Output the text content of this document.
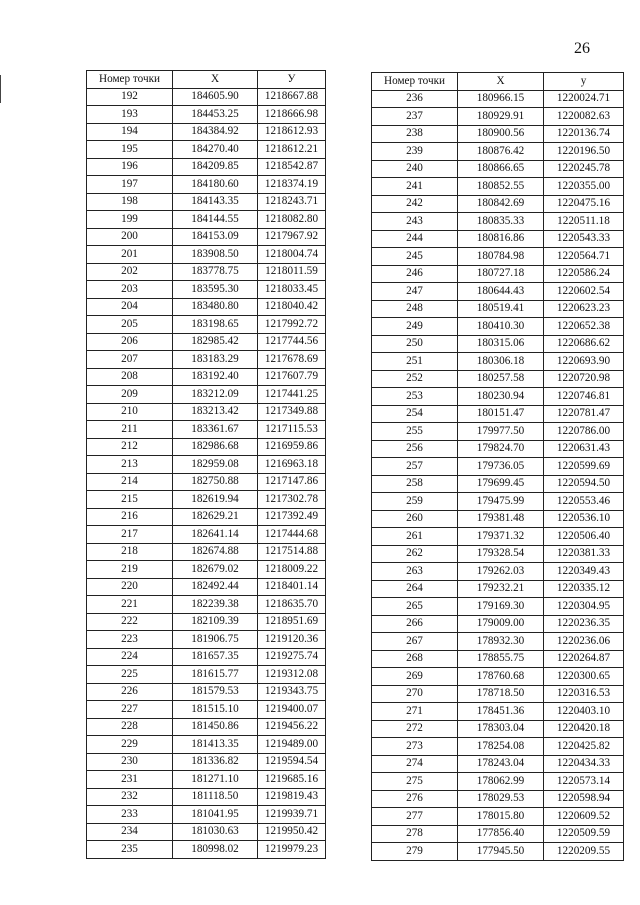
26
Номер точки	X	У
192	184605.90	1218667.88
193	184453.25	1218666.98
194	184384.92	1218612.93
195	184270.40	1218612.21
196	184209.85	1218542.87
197	184180.60	1218374.19
198	184143.35	1218243.71
199	184144.55	1218082.80
200	184153.09	1217967.92
201	183908.50	1218004.74
202	183778.75	1218011.59
203	183595.30	1218033.45
204	183480.80	1218040.42
205	183198.65	1217992.72
206	182985.42	1217744.56
207	183183.29	1217678.69
208	183192.40	1217607.79
209	183212.09	1217441.25
210	183213.42	1217349.88
211	183361.67	1217115.53
212	182986.68	1216959.86
213	182959.08	1216963.18
214	182750.88	1217147.86
215	182619.94	1217302.78
216	182629.21	1217392.49
217	182641.14	1217444.68
218	182674.88	1217514.88
219	182679.02	1218009.22
220	182492.44	1218401.14
221	182239.38	1218635.70
222	182109.39	1218951.69
223	181906.75	1219120.36
224	181657.35	1219275.74
225	181615.77	1219312.08
226	181579.53	1219343.75
227	181515.10	1219400.07
228	181450.86	1219456.22
229	181413.35	1219489.00
230	181336.82	1219594.54
231	181271.10	1219685.16
232	181118.50	1219819.43
233	181041.95	1219939.71
234	181030.63	1219950.42
235	180998.02	1219979.23
Номер точки	X	у
236	180966.15	1220024.71
237	180929.91	1220082.63
238	180900.56	1220136.74
239	180876.42	1220196.50
240	180866.65	1220245.78
241	180852.55	1220355.00
242	180842.69	1220475.16
243	180835.33	1220511.18
244	180816.86	1220543.33
245	180784.98	1220564.71
246	180727.18	1220586.24
247	180644.43	1220602.54
248	180519.41	1220623.23
249	180410.30	1220652.38
250	180315.06	1220686.62
251	180306.18	1220693.90
252	180257.58	1220720.98
253	180230.94	1220746.81
254	180151.47	1220781.47
255	179977.50	1220786.00
256	179824.70	1220631.43
257	179736.05	1220599.69
258	179699.45	1220594.50
259	179475.99	1220553.46
260	179381.48	1220536.10
261	179371.32	1220506.40
262	179328.54	1220381.33
263	179262.03	1220349.43
264	179232.21	1220335.12
265	179169.30	1220304.95
266	179009.00	1220236.35
267	178932.30	1220236.06
268	178855.75	1220264.87
269	178760.68	1220300.65
270	178718.50	1220316.53
271	178451.36	1220403.10
272	178303.04	1220420.18
273	178254.08	1220425.82
274	178243.04	1220434.33
275	178062.99	1220573.14
276	178029.53	1220598.94
277	178015.80	1220609.52
278	177856.40	1220509.59
279	177945.50	1220209.55
